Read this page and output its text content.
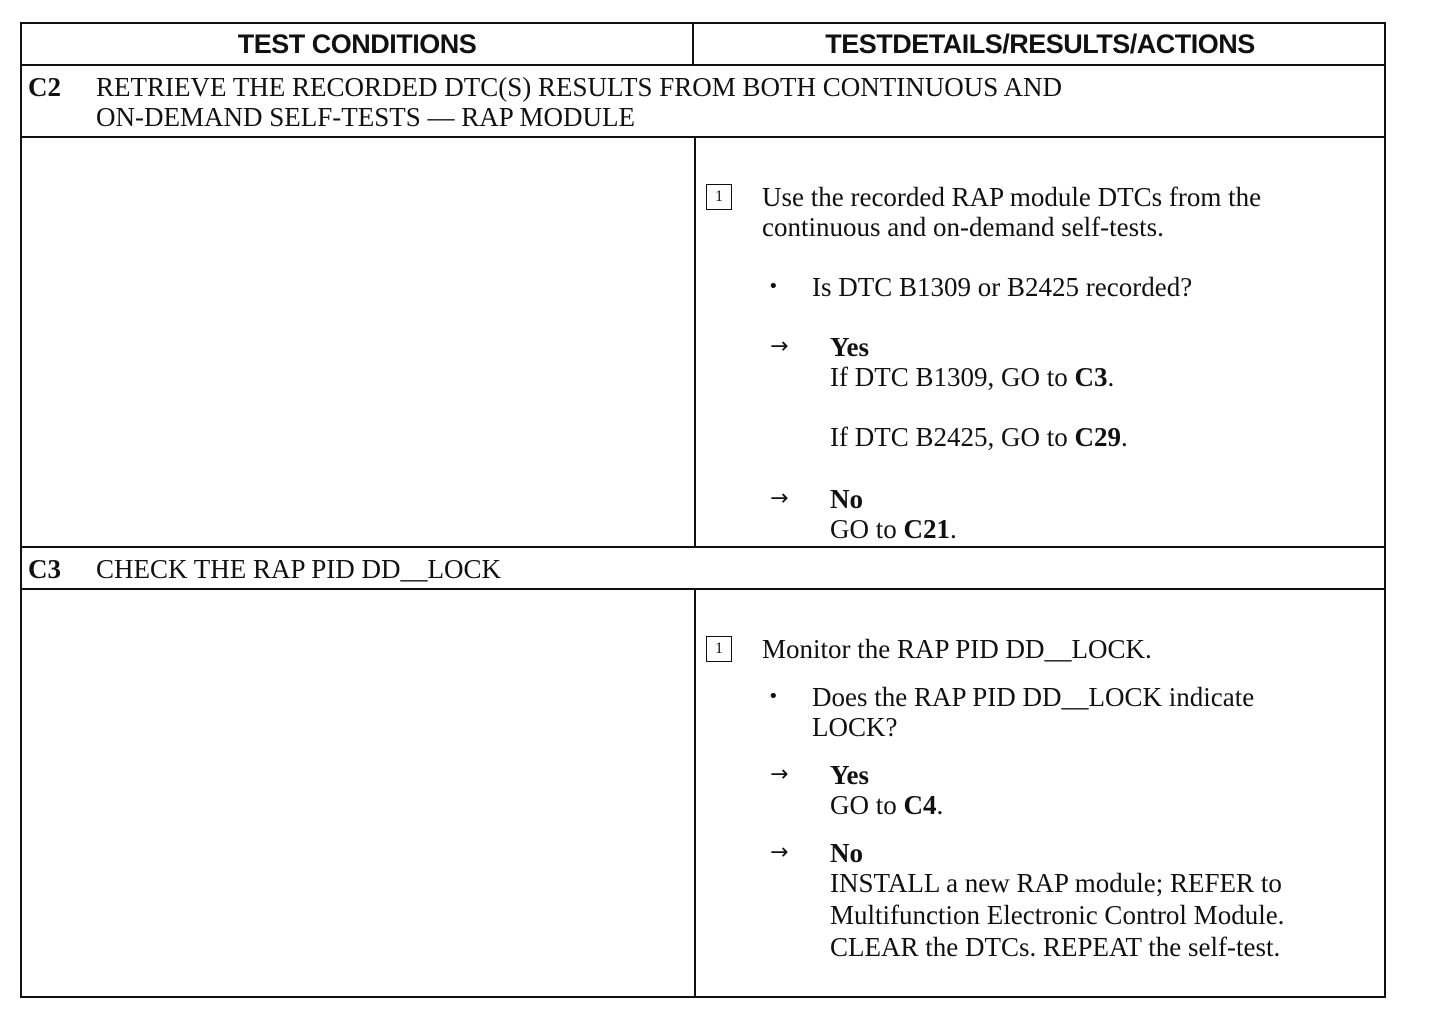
TEST CONDITIONS	TESTDETAILS/RESULTS/ACTIONS
C2 RETRIEVE THE RECORDED DTC(S) RESULTS FROM BOTH CONTINUOUS AND
ON-DEMAND SELF-TESTS — RAP MODULE
1	Use the recorded RAP module DTCs from the
continuous and on-demand self-tests.
• Is DTC B1309 or B2425 recorded?
→ Yes
If DTC B1309, GO to C3.
If DTC B2425, GO to C29.
→ No
GO to C21.
C3 CHECK THE RAP PID DD__LOCK
1	Monitor the RAP PID DD__LOCK.
• Does the RAP PID DD__LOCK indicate
LOCK?
→ Yes
GO to C4.
→ No
INSTALL a new RAP module; REFER to
Multifunction Electronic Control Module.
CLEAR the DTCs. REPEAT the self-test.
